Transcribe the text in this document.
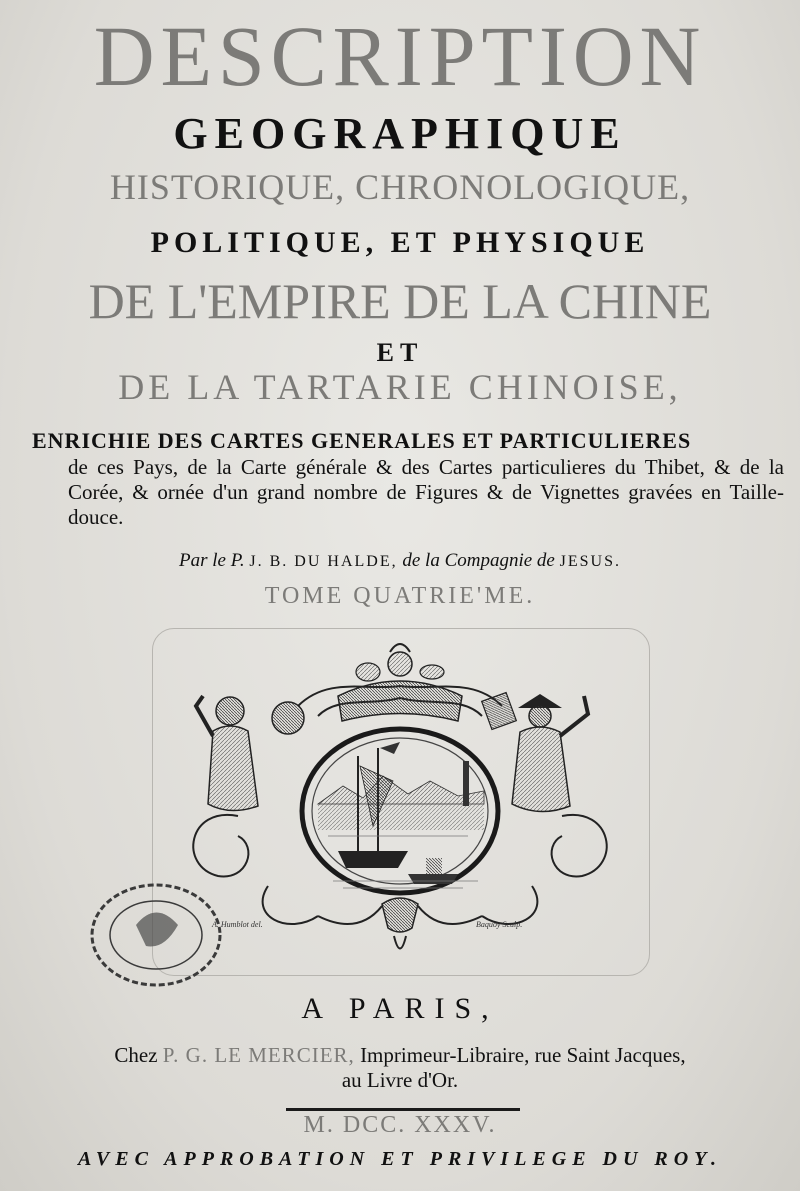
DESCRIPTION
GEOGRAPHIQUE
HISTORIQUE, CHRONOLOGIQUE,
POLITIQUE, ET PHYSIQUE
DE L'EMPIRE DE LA CHINE
ET
DE LA TARTARIE CHINOISE,
ENRICHIE DES CARTES GENERALES ET PARTICULIERES
de ces Pays, de la Carte générale & des Cartes particulieres du Thibet, & de la Corée, & ornée d'un grand nombre de Figures & de Vignettes gravées en Taille-douce.
Par le P. J. B. DU HALDE, de la Compagnie de JESUS.
TOME QUATRIE'ME.
A. Humblot del.	Baquoy Sculp.
A PARIS,
Chez P. G. LE MERCIER, Imprimeur-Libraire, rue Saint Jacques,
au Livre d'Or.
M. DCC. XXXV.
AVEC APPROBATION ET PRIVILEGE DU ROY.
